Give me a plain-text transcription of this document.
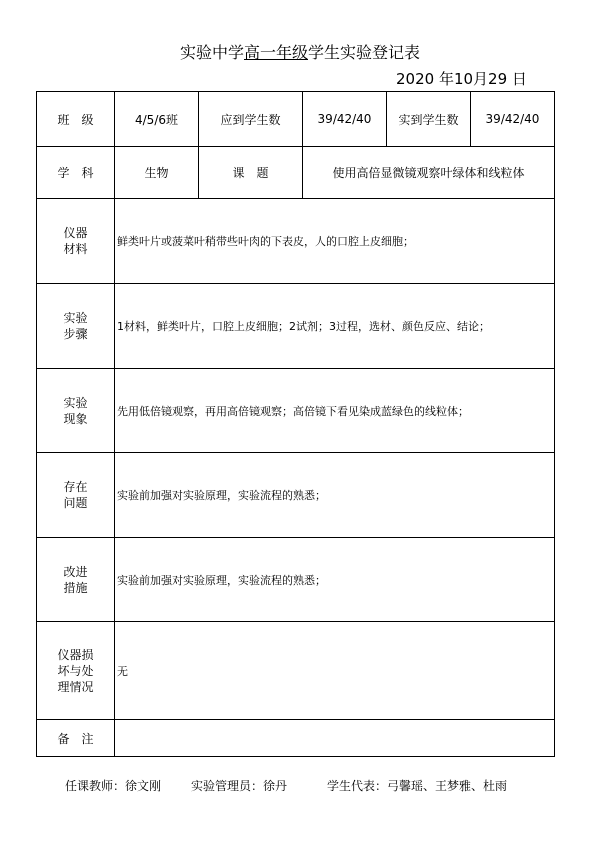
实验中学高一年级学生实验登记表
2020 年10月29 日
班　级	4/5/6班	应到学生数	39/42/40	实到学生数	39/42/40
学　科	生物	课　题	使用高倍显微镜观察叶绿体和线粒体		

仪器
材料	鲜类叶片或菠菜叶稍带些叶肉的下表皮，人的口腔上皮细胞；				

实验
步骤	1材料，鲜类叶片，口腔上皮细胞；2试剂；3过程，选材、颜色反应、结论；				

实验
现象	先用低倍镜观察，再用高倍镜观察；高倍镜下看见染成蓝绿色的线粒体；				

存在
问题	实验前加强对实验原理，实验流程的熟悉；				

改进
措施	实验前加强对实验原理，实验流程的熟悉；				

仪器损
坏与处
理情况	无				
备　注					
任课教师：徐文刚	实验管理员：徐丹	学生代表：弓馨瑶、王梦雅、杜雨
